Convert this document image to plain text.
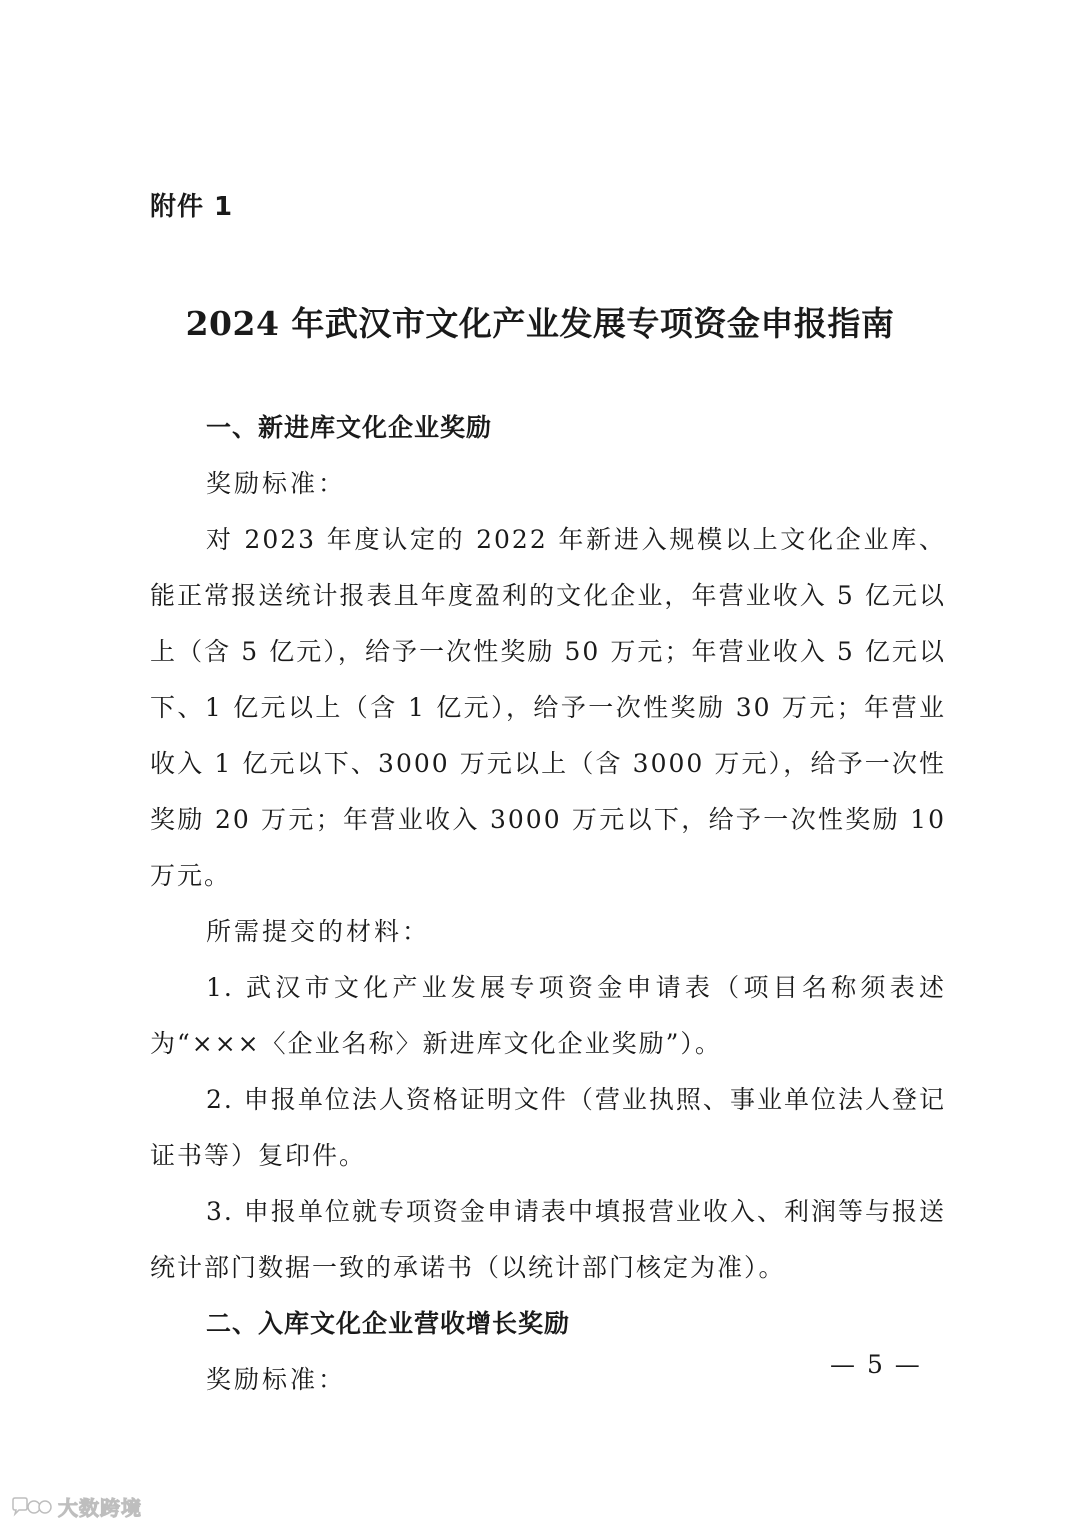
附件 1
2024 年武汉市文化产业发展专项资金申报指南
一、新进库文化企业奖励
奖励标准：

对 2023 年度认定的 2022 年新进入规模以上文化企业库、能正常报送统计报表且年度盈利的文化企业，年营业收入 5 亿元以上（含 5 亿元），给予一次性奖励 50 万元；年营业收入 5 亿元以下、1 亿元以上（含 1 亿元），给予一次性奖励 30 万元；年营业收入 1 亿元以下、3000 万元以上（含 3000 万元），给予一次性奖励 20 万元；年营业收入 3000 万元以下，给予一次性奖励 10 万元。

所需提交的材料：

1. 武汉市文化产业发展专项资金申请表（项目名称须表述为“×××〈企业名称〉新进库文化企业奖励”）。

2. 申报单位法人资格证明文件（营业执照、事业单位法人登记证书等）复印件。

3. 申报单位就专项资金申请表中填报营业收入、利润等与报送统计部门数据一致的承诺书（以统计部门核定为准）。

二、入库文化企业营收增长奖励
奖励标准：
— 5 —
大数跨境
